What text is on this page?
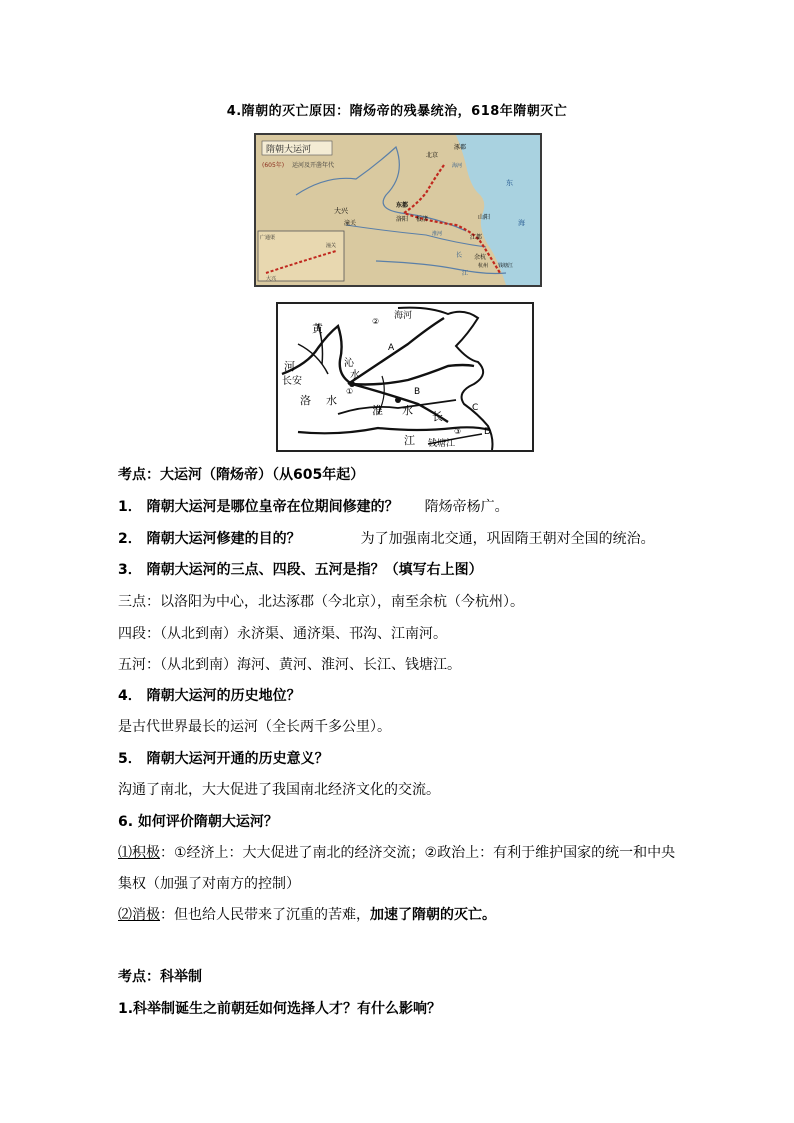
4.隋朝的灭亡原因：隋炀帝的残暴统治，618年隋朝灭亡
隋朝大运河
(605年) 运河及开凿年代
广通渠
大兴
潼关
涿郡
北京
海河
东
海
东都
洛阳
大兴
潼关
板渚
淮河
山阳
江都
余杭
杭州 钱塘江
长
江
黄
河
长安
洛 水
沁
水
淮 水 长
江 钱塘江
海河
A
B
C
D
①
②
③
考点：大运河（隋炀帝）（从605年起）
1． 隋朝大运河是哪位皇帝在位期间修建的？ 隋炀帝杨广。
2． 隋朝大运河修建的目的？	为了加强南北交通，巩固隋王朝对全国的统治。
3． 隋朝大运河的三点、四段、五河是指？（填写右上图）
三点：以洛阳为中心，北达涿郡（今北京），南至余杭（今杭州）。
四段：（从北到南）永济渠、通济渠、邗沟、江南河。
五河：（从北到南）海河、黄河、淮河、长江、钱塘江。
4． 隋朝大运河的历史地位？
是古代世界最长的运河（全长两千多公里）。
5． 隋朝大运河开通的历史意义？
沟通了南北，大大促进了我国南北经济文化的交流。
6. 如何评价隋朝大运河？
⑴积极：①经济上：大大促进了南北的经济交流；②政治上：有利于维护国家的统一和中央
集权（加强了对南方的控制）
⑵消极：但也给人民带来了沉重的苦难，加速了隋朝的灭亡。
考点：科举制
1.科举制诞生之前朝廷如何选择人才？有什么影响？
